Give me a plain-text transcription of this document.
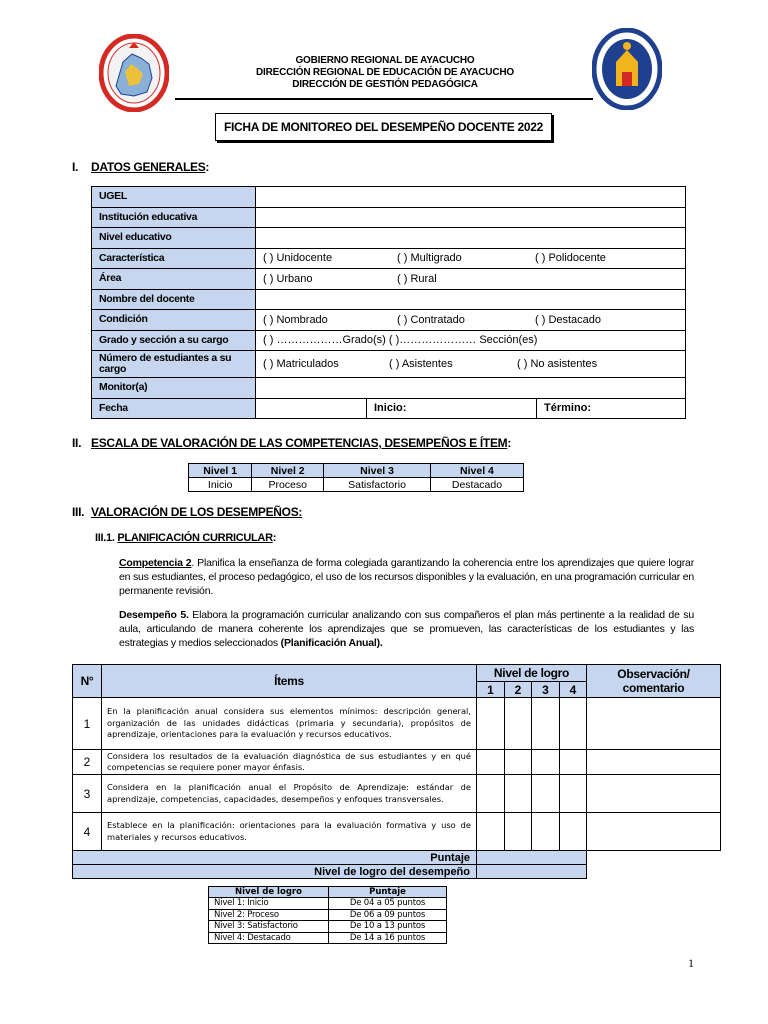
GOBIERNO REGIONAL DE AYACUCHO
DIRECCIÓN REGIONAL DE EDUCACIÓN DE AYACUCHO
DIRECCIÓN DE GESTIÓN PEDAGÓGICA
FICHA DE MONITOREO DEL DESEMPEÑO DOCENTE 2022
I. DATOS GENERALES:
UGEL			
Institución educativa			
Nivel educativo			
Característica	( ) Unidocente ( ) Multigrado ( ) Polidocente		

Área	( ) Urbano ( ) Rural		

Nombre del docente			
Condición	( ) Nombrado ( ) Contratado ( ) Destacado		

Grado y sección a su cargo	( ) ………………Grado(s) ( )………………… Sección(es)		
Número de estudiantes a su cargo	( ) Matriculados ( ) Asistentes ( ) No asistentes		

Monitor(a)			
Fecha		Inicio:	Término:
II. ESCALA DE VALORACIÓN DE LAS COMPETENCIAS, DESEMPEÑOS E ÍTEM:
Nivel 1	Nivel 2	Nivel 3	Nivel 4
Inicio	Proceso	Satisfactorio	Destacado
III. VALORACIÓN DE LOS DESEMPEÑOS:
III.1. PLANIFICACIÓN CURRICULAR:
Competencia 2. Planifica la enseñanza de forma colegiada garantizando la coherencia entre los aprendizajes que quiere lograr en sus estudiantes, el proceso pedagógico, el uso de los recursos disponibles y la evaluación, en una programación curricular en permanente revisión.
Desempeño 5. Elabora la programación curricular analizando con sus compañeros el plan más pertinente a la realidad de su aula, articulando de manera coherente los aprendizajes que se promueven, las características de los estudiantes y las estrategias y medios seleccionados (Planificación Anual).
N°	Ítems	Nivel de logro				Observación/ comentario
		1	2	3	4	
1	En la planificación anual considera sus elementos mínimos: descripción general, organización de las unidades didácticas (primaria y secundaria), propósitos de aprendizaje, orientaciones para la evaluación y recursos educativos.					
2	Considera los resultados de la evaluación diagnóstica de sus estudiantes y en qué competencias se requiere poner mayor énfasis.					
3	Considera en la planificación anual el Propósito de Aprendizaje: estándar de aprendizaje, competencias, capacidades, desempeños y enfoques transversales.					
4	Establece en la planificación: orientaciones para la evaluación formativa y uso de materiales y recursos educativos.					
Puntaje						
Nivel de logro del desempeño						
Nivel de logro	Puntaje
Nivel 1: Inicio	De 04 a 05 puntos
Nivel 2: Proceso	De 06 a 09 puntos
Nivel 3: Satisfactorio	De 10 a 13 puntos
Nivel 4: Destacado	De 14 a 16 puntos
1
